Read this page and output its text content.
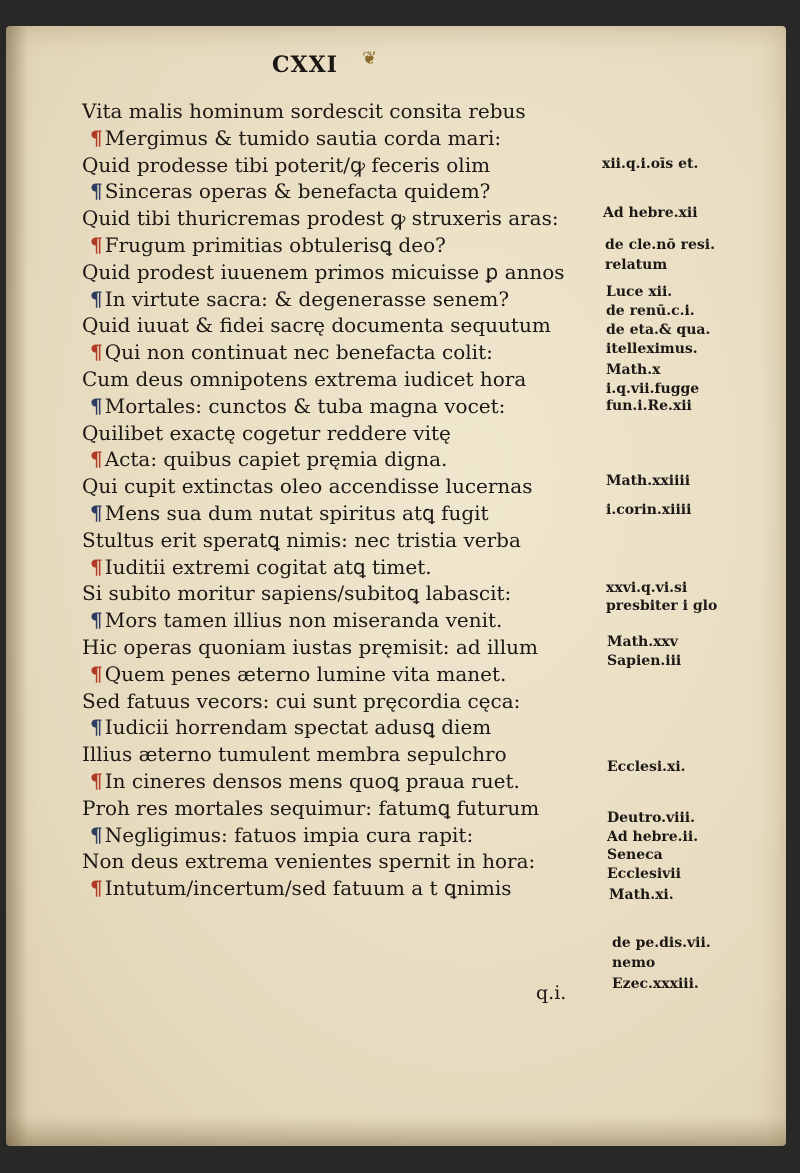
CXXI ❦
Vita malis hominum sordescit consita rebus
¶ Mergimus & tumido sautia corda mari:
Quid prodesse tibi poterit/ꝙ feceris olim
¶ Sinceras operas & benefacta quidem?
Quid tibi thuricremas prodest ꝙ struxeris aras:
¶ Frugum primitias obtulerisꝗ deo?
Quid prodest iuuenem primos micuisse ꝑ annos
¶ In virtute sacra: & degenerasse senem?
Quid iuuat & fidei sacrę documenta sequutum
¶ Qui non continuat nec benefacta colit:
Cum deus omnipotens extrema iudicet hora
¶ Mortales: cunctos & tuba magna vocet:
Quilibet exactę cogetur reddere vitę
¶ Acta: quibus capiet pręmia digna.
Qui cupit extinctas oleo accendisse lucernas
¶ Mens sua dum nutat spiritus atꝗ fugit
Stultus erit speratꝗ nimis: nec tristia verba
¶ Iuditii extremi cogitat atꝗ timet.
Si subito moritur sapiens/subitoꝗ labascit:
¶ Mors tamen illius non miseranda venit.
Hic operas quoniam iustas pręmisit: ad illum
¶ Quem penes æterno lumine vita manet.
Sed fatuus vecors: cui sunt pręcordia cęca:
¶ Iudicii horrendam spectat adusꝗ diem
Illius æterno tumulent membra sepulchro
¶ In cineres densos mens quoꝗ praua ruet.
Proh res mortales sequimur: fatumꝗ futurum
¶ Negligimus: fatuos impia cura rapit:
Non deus extrema venientes spernit in hora:
¶ Intutum/incertum/sed fatuum a t ꝗnimis
xii.q.i.oīs et.
Ad hebre.xii
de cle.nō resi.
relatum
Luce xii.
de renū.c.i.
de eta.& qua.
itelleximus.
Math.x
i.q.vii.fugge
fun.i.Re.xii
Math.xxiiii
i.corin.xiiii
xxvi.q.vi.si
presbiter i glo
Math.xxv
Sapien.iii
Ecclesi.xi.
Deutro.viii.
Ad hebre.ii.
Seneca
Ecclesivii
Math.xi.
de pe.dis.vii.
nemo
Ezec.xxxiii.
q.i.
